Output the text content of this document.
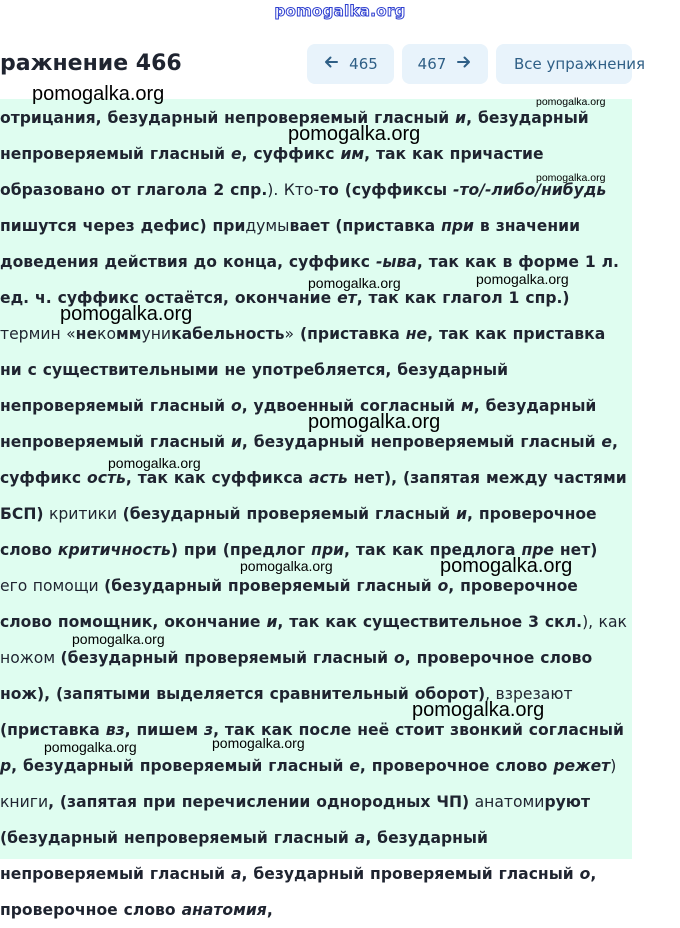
pomogalka.org
ражнение 466	465	467	Все упражнения

отрицания, безударный непроверяемый гласный и, безударный непроверяемый гласный е, суффикс им, так как причастие образовано от глагола 2 спр.). Кто-то (суффиксы -то/-либо/нибудь пишутся через дефис) придумывает (приставка при в значении доведения действия до конца, суффикс -ыва, так как в форме 1 л. ед. ч. суффикс остаётся, окончание ет, так как глагол 1 спр.) термин «некоммуникабельность» (приставка не, так как приставка ни с существительными не употребляется, безударный непроверяемый гласный о, удвоенный согласный м, безударный непроверяемый гласный и, безударный непроверяемый гласный е, суффикс ость, так как суффикса асть нет), (запятая между частями БСП) критики (безударный проверяемый гласный и, проверочное слово критичность) при (предлог при, так как предлога пре нет) его помощи (безударный проверяемый гласный о, проверочное слово помощник, окончание и, так как существительное 3 скл.), как ножом (безударный проверяемый гласный о, проверочное слово нож), (запятыми выделяется сравнительный оборот), взрезают (приставка вз, пишем з, так как после неё стоит звонкий согласный р, безударный проверяемый гласный е, проверочное слово режет) книги, (запятая при перечислении однородных ЧП) анатомируют (безударный непроверяемый гласный а, безударный непроверяемый гласный а, безударный проверяемый гласный о, проверочное слово анатомия,

pomogalka.org	pomogalka.org
pomogalka.org
pomogalka.org
pomogalka.org
pomogalka.org
pomogalka.org
pomogalka.org
pomogalka.org
pomogalka.org	pomogalka.org
pomogalka.org
pomogalka.org
pomogalka.org
pomogalka.org
